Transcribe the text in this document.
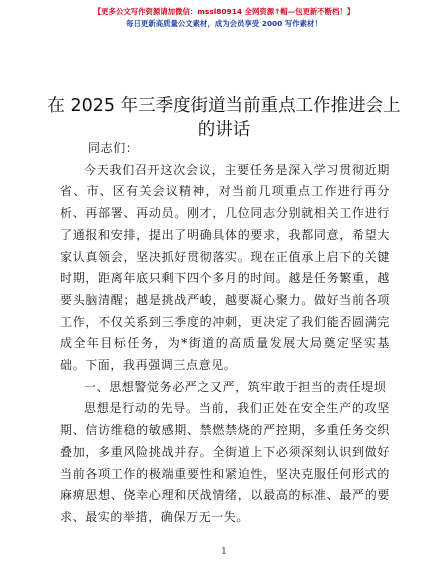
【更多公文写作资源请加微信：mssl80914 全网资源↑帽—包更新不断档！】
每日更新高质量公文素材，成为会员享受 2000 写作素材！
在 2025 年三季度街道当前重点工作推进会上的讲话

同志们：

今天我们召开这次会议，主要任务是深入学习贯彻近期省、市、区有关会议精神，对当前几项重点工作进行再分析、再部署、再动员。刚才，几位同志分别就相关工作进行了通报和安排，提出了明确具体的要求，我都同意，希望大家认真领会，坚决抓好贯彻落实。现在正值承上启下的关键时期，距离年底只剩下四个多月的时间。越是任务繁重，越要头脑清醒；越是挑战严峻，越要凝心聚力。做好当前各项工作，不仅关系到三季度的冲刺，更决定了我们能否圆满完成全年目标任务，为*街道的高质量发展大局奠定坚实基础。下面，我再强调三点意见。

一、思想警觉务必严之又严，筑牢敢于担当的责任堤坝

思想是行动的先导。当前，我们正处在安全生产的攻坚期、信访维稳的敏感期、禁燃禁烧的严控期，多重任务交织叠加，多重风险挑战并存。全街道上下必须深刻认识到做好当前各项工作的极端重要性和紧迫性，坚决克服任何形式的麻痹思想、侥幸心理和厌战情绪，以最高的标准、最严的要求、最实的举措，确保万无一失。

1
